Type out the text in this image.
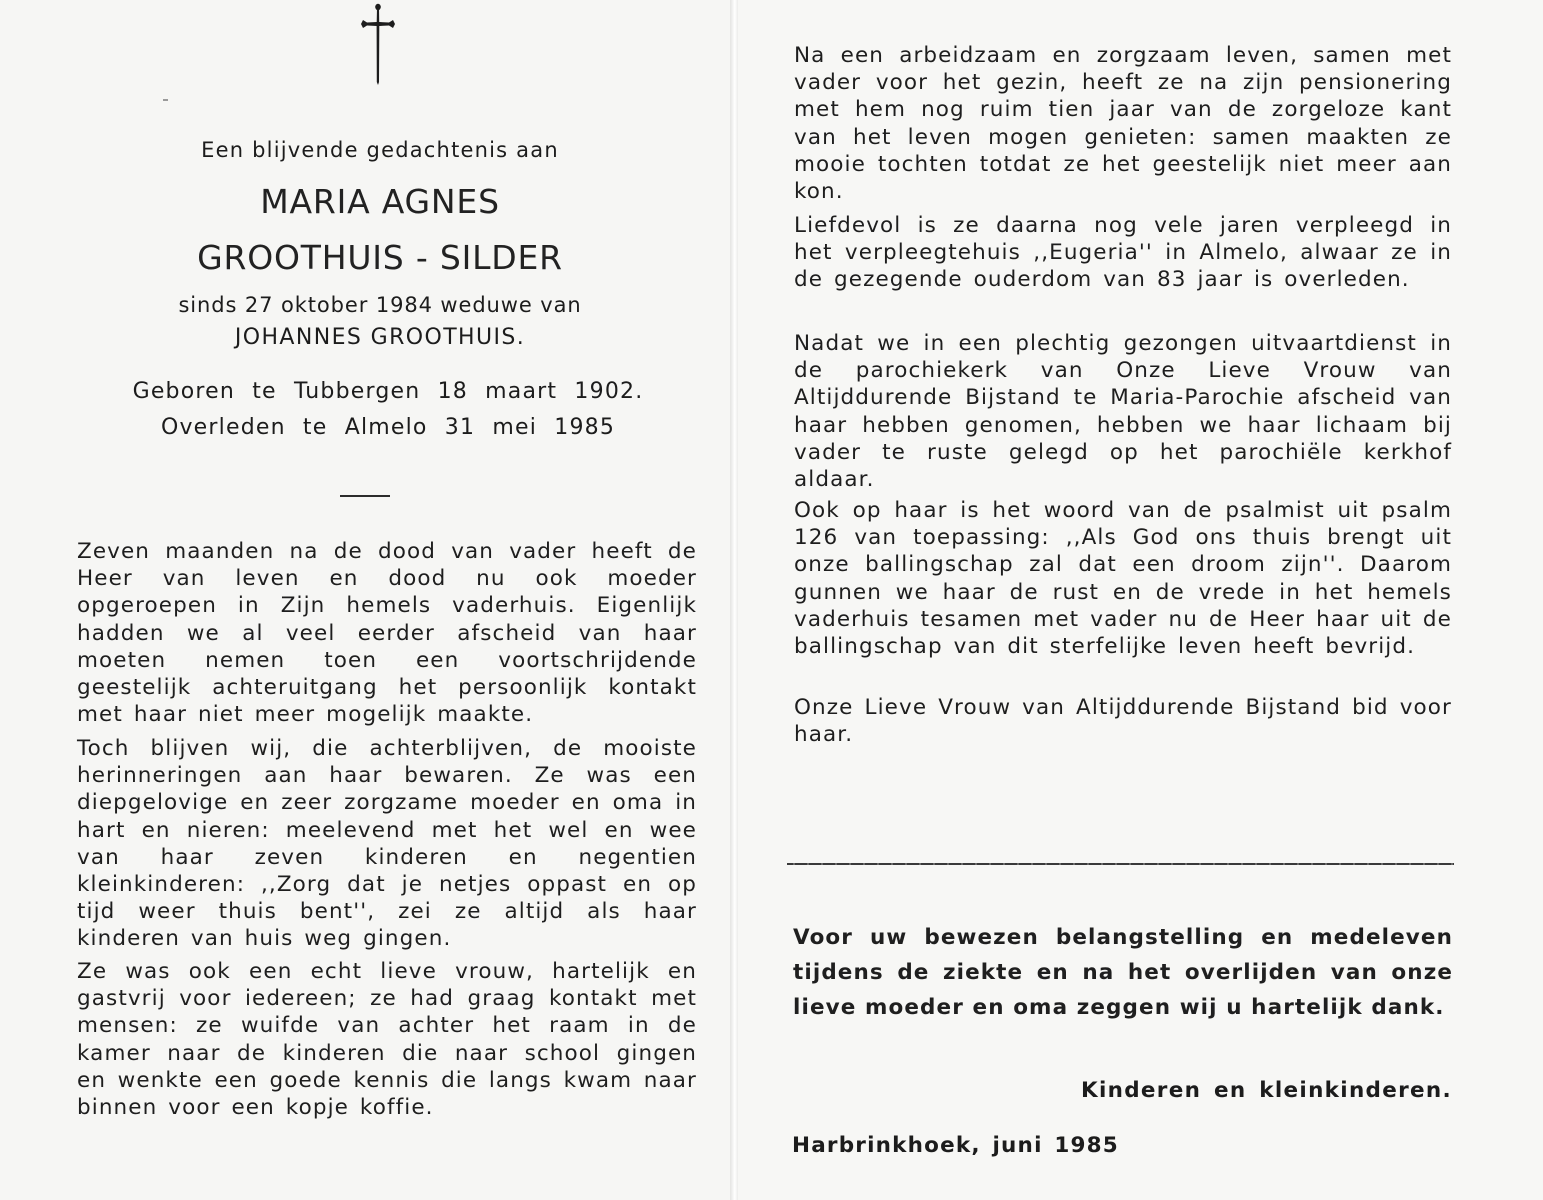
Een blijvende gedachtenis aan
MARIA AGNES
GROOTHUIS - SILDER
sinds 27 oktober 1984 weduwe van
JOHANNES GROOTHUIS.
Geboren te Tubbergen 18 maart 1902.
Overleden te Almelo 31 mei 1985
Zeven maanden na de dood van vader heeft de Heer van leven en dood nu ook moeder opgeroepen in Zijn hemels vaderhuis. Eigenlijk hadden we al veel eerder afscheid van haar moeten nemen toen een voortschrijdende geestelijk achteruitgang het persoonlijk kontakt met haar niet meer mogelijk maakte.
Toch blijven wij, die achterblijven, de mooiste herinneringen aan haar bewaren. Ze was een diepgelovige en zeer zorgzame moeder en oma in hart en nieren: meelevend met het wel en wee van haar zeven kinderen en negentien kleinkinderen: ,,Zorg dat je netjes oppast en op tijd weer thuis bent'', zei ze altijd als haar kinderen van huis weg gingen.
Ze was ook een echt lieve vrouw, hartelijk en gastvrij voor iedereen; ze had graag kontakt met mensen: ze wuifde van achter het raam in de kamer naar de kinderen die naar school gingen en wenkte een goede kennis die langs kwam naar binnen voor een kopje koffie.
Na een arbeidzaam en zorgzaam leven, samen met vader voor het gezin, heeft ze na zijn pensionering met hem nog ruim tien jaar van de zorgeloze kant van het leven mogen genieten: samen maakten ze mooie tochten totdat ze het geestelijk niet meer aan kon.
Liefdevol is ze daarna nog vele jaren verpleegd in het verpleegtehuis ,,Eugeria'' in Almelo, alwaar ze in de gezegende ouderdom van 83 jaar is overleden.
Nadat we in een plechtig gezongen uitvaartdienst in de parochiekerk van Onze Lieve Vrouw van Altijddurende Bijstand te Maria-Parochie afscheid van haar hebben genomen, hebben we haar lichaam bij vader te ruste gelegd op het parochiële kerkhof aldaar.
Ook op haar is het woord van de psalmist uit psalm 126 van toepassing: ,,Als God ons thuis brengt uit onze ballingschap zal dat een droom zijn''. Daarom gunnen we haar de rust en de vrede in het hemels vaderhuis tesamen met vader nu de Heer haar uit de ballingschap van dit sterfelijke leven heeft bevrijd.
Onze Lieve Vrouw van Altijddurende Bijstand bid voor haar.
Voor uw bewezen belangstelling en medeleven tijdens de ziekte en na het overlijden van onze lieve moeder en oma zeggen wij u hartelijk dank.
Kinderen en kleinkinderen.
Harbrinkhoek, juni 1985
